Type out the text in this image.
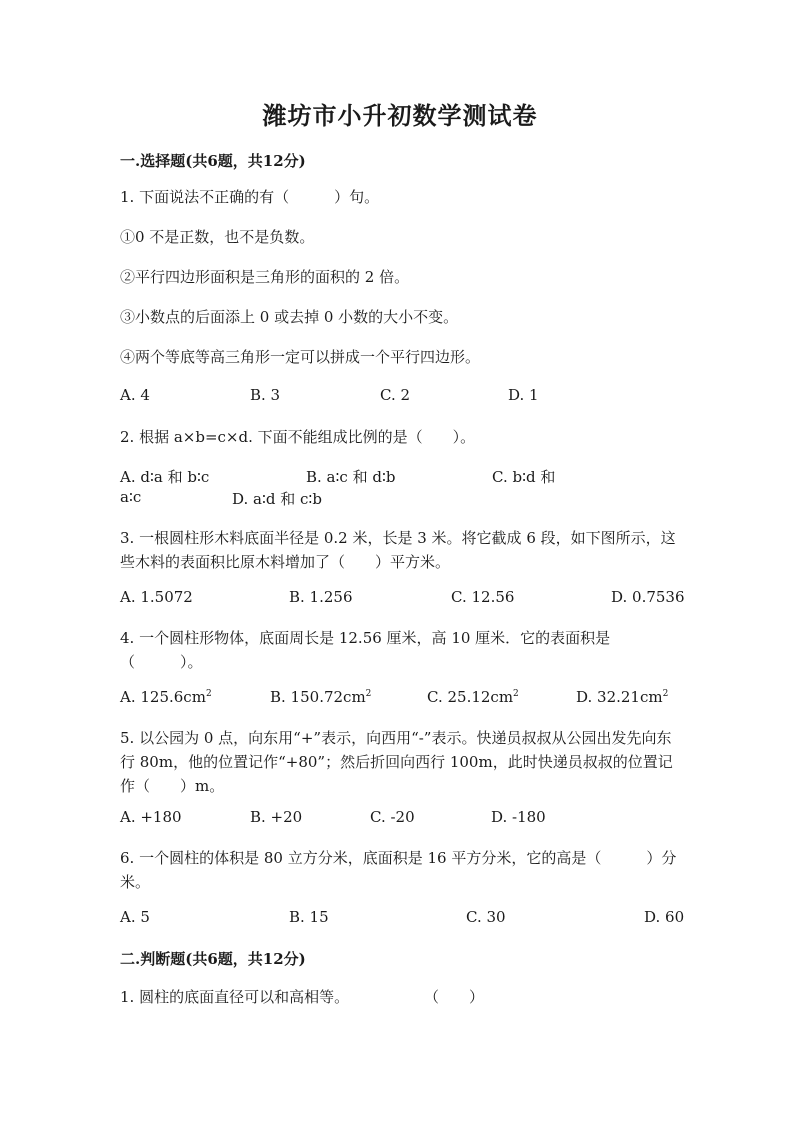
潍坊市小升初数学测试卷
一.选择题(共6题，共12分)
1. 下面说法不正确的有（　　　）句。
①0 不是正数，也不是负数。
②平行四边形面积是三角形的面积的 2 倍。
③小数点的后面添上 0 或去掉 0 小数的大小不变。
④两个等底等高三角形一定可以拼成一个平行四边形。
A. 4	B. 3	C. 2	D. 1
2. 根据 a×b=c×d. 下面不能组成比例的是（　　）。
A. d∶a 和 b∶c	B. a∶c 和 d∶b	C. b∶d 和
a∶c	D. a∶d 和 c∶b
3. 一根圆柱形木料底面半径是 0.2 米，长是 3 米。将它截成 6 段，如下图所示，这些木料的表面积比原木料增加了（　　）平方米。
A. 1.5072	B. 1.256	C. 12.56	D. 0.7536
4. 一个圆柱形物体，底面周长是 12.56 厘米，高 10 厘米．它的表面积是（　　　）。
A. $125.6cm^2$	B. $150.72cm^2$	C. $25.12cm^2$	D. $32.21cm^2$
5. 以公园为 0 点，向东用“+”表示，向西用“-”表示。快递员叔叔从公园出发先向东行 80m，他的位置记作“+80”；然后折回向西行 100m，此时快递员叔叔的位置记作（　　）m。
A. +180	B. +20	C. -20	D. -180
6. 一个圆柱的体积是 80 立方分米，底面积是 16 平方分米，它的高是（　　　）分米。
A. 5	B. 15	C. 30	D. 60
二.判断题(共6题，共12分)
1. 圆柱的底面直径可以和高相等。	（　　）
